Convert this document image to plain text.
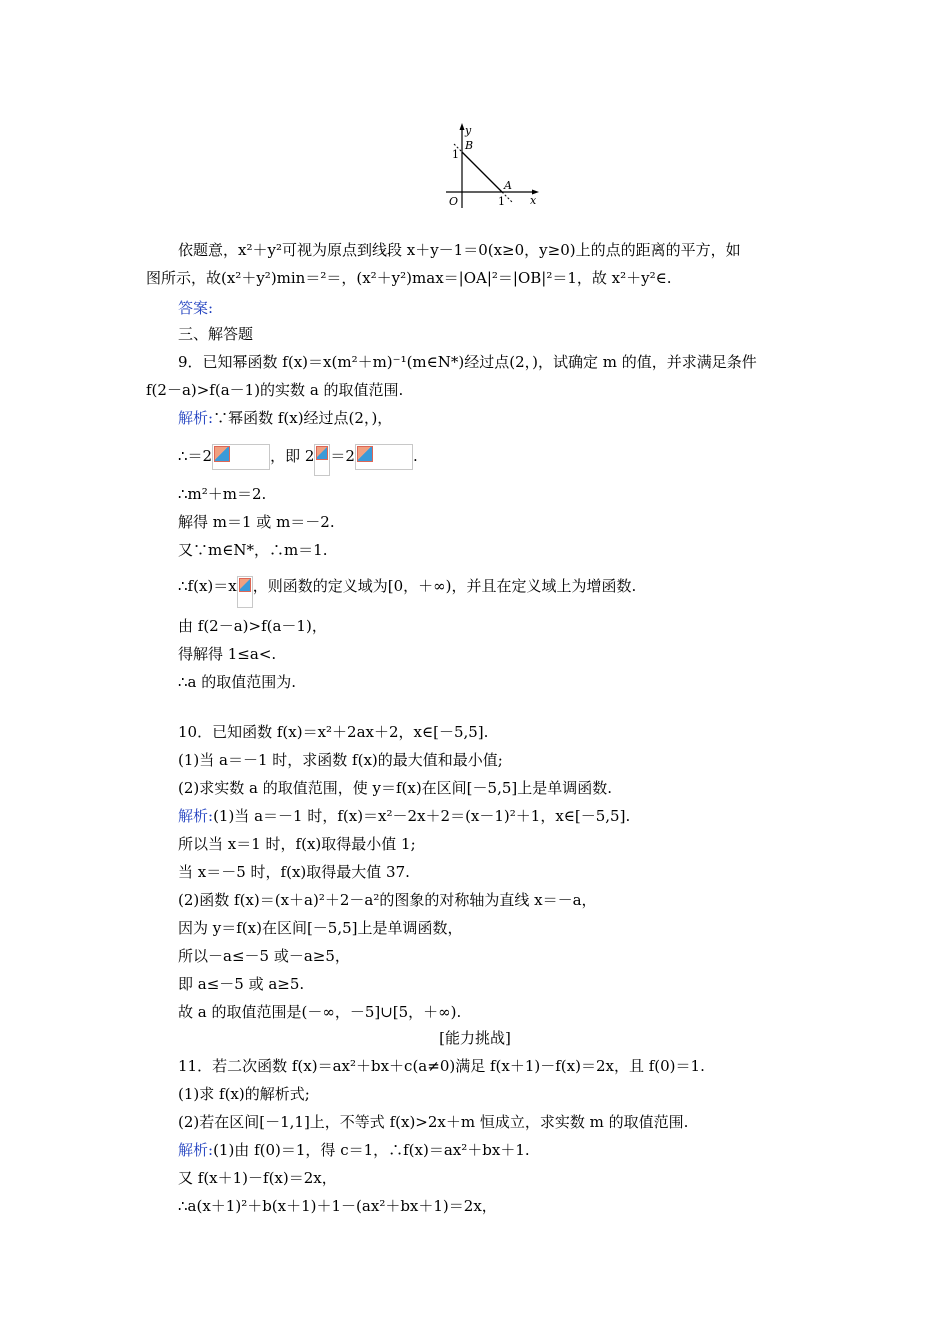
y
x
O
B
A
1
1
依题意，x²＋y²可视为原点到线段 x＋y－1＝0(x≥0，y≥0)上的点的距离的平方，如
图所示，故(x²＋y²)min＝²＝，(x²＋y²)max＝|OA|²＝|OB|²＝1，故 x²＋y²∈.
答案:
三、解答题
9．已知幂函数 f(x)＝x(m²＋m)⁻¹(m∈N*)经过点(2，)，试确定 m 的值，并求满足条件
f(2－a)>f(a－1)的实数 a 的取值范围.
解析:∵幂函数 f(x)经过点(2，)，
∴＝2	，即 2 ＝2	.
∴m²＋m＝2.
解得 m＝1 或 m＝－2.
又∵m∈N*，∴m＝1.
∴f(x)＝x ，则函数的定义域为[0，＋∞)，并且在定义域上为增函数.
由 f(2－a)>f(a－1)，
得解得 1≤a<.
∴a 的取值范围为.
10．已知函数 f(x)＝x²＋2ax＋2，x∈[－5,5].
(1)当 a＝－1 时，求函数 f(x)的最大值和最小值;
(2)求实数 a 的取值范围，使 y＝f(x)在区间[－5,5]上是单调函数.
解析:(1)当 a＝－1 时，f(x)＝x²－2x＋2＝(x－1)²＋1，x∈[－5,5].
所以当 x＝1 时，f(x)取得最小值 1;
当 x＝－5 时，f(x)取得最大值 37.
(2)函数 f(x)＝(x＋a)²＋2－a²的图象的对称轴为直线 x＝－a，
因为 y＝f(x)在区间[－5,5]上是单调函数，
所以－a≤－5 或－a≥5，
即 a≤－5 或 a≥5.
故 a 的取值范围是(－∞，－5]∪[5，＋∞).
[能力挑战]
11．若二次函数 f(x)＝ax²＋bx＋c(a≠0)满足 f(x＋1)－f(x)＝2x，且 f(0)＝1.
(1)求 f(x)的解析式;
(2)若在区间[－1,1]上，不等式 f(x)>2x＋m 恒成立，求实数 m 的取值范围.
解析:(1)由 f(0)＝1，得 c＝1，∴f(x)＝ax²＋bx＋1.
又 f(x＋1)－f(x)＝2x，
∴a(x＋1)²＋b(x＋1)＋1－(ax²＋bx＋1)＝2x，
